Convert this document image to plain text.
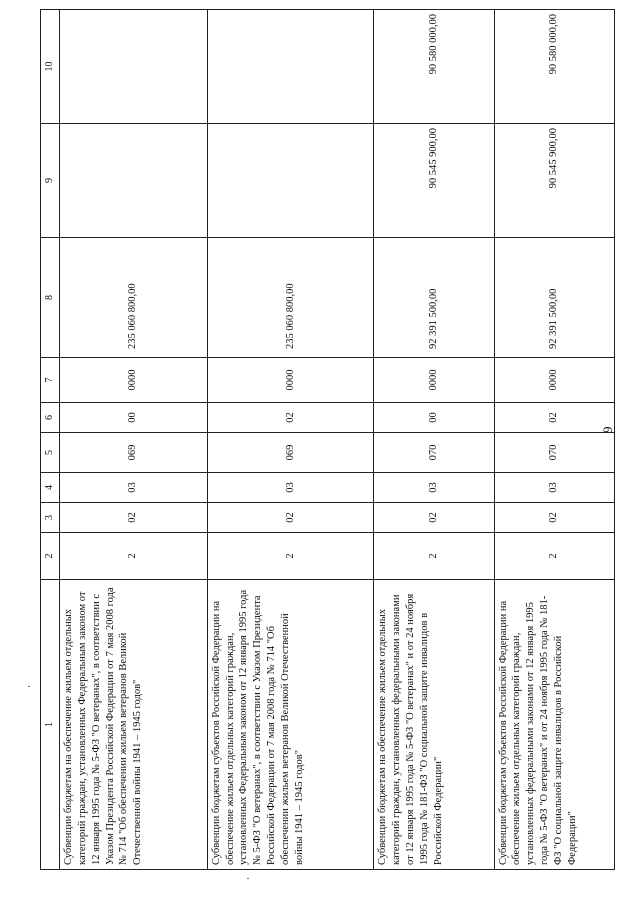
9
1	2	3	4	5	6	7	8	9	10
Субвенции бюджетам на обеспечение жильем отдельных категорий граждан, установленных Федеральным законом от 12 января 1995 года № 5-ФЗ "О ветеранах", в соответствии с Указом Президента Российской Федерации от 7 мая 2008 года № 714 "Об обеспечении жильем ветеранов Великой Отечественной войны 1941 – 1945 годов"	2	02	03	069	00	0000	235 060 800,00		
Субвенции бюджетам субъектов Российской Федерации на обеспечение жильем отдельных категорий граждан, установленных Федеральным законом от 12 января 1995 года № 5-ФЗ "О ветеранах", в соответствии с Указом Президента Российской Федерации от 7 мая 2008 года № 714 "Об обеспечении жильем ветеранов Великой Отечественной войны 1941 – 1945 годов"	2	02	03	069	02	0000	235 060 800,00		
Субвенции бюджетам на обеспечение жильем отдельных категорий граждан, установленных федеральными законами от 12 января 1995 года № 5-ФЗ "О ветеранах" и от 24 ноября 1995 года № 181-ФЗ "О социальной защите инвалидов в Российской Федерации"	2	02	03	070	00	0000	92 391 500,00	90 545 900,00	90 580 000,00
Субвенции бюджетам субъектов Российской Федерации на обеспечение жильем отдельных категорий граждан, установленных федеральными законами от 12 января 1995 года № 5-ФЗ "О ветеранах" и от 24 ноября 1995 года № 181-ФЗ "О социальной защите инвалидов в Российской Федерации"	2	02	03	070	02	0000	92 391 500,00	90 545 900,00	90 580 000,00
